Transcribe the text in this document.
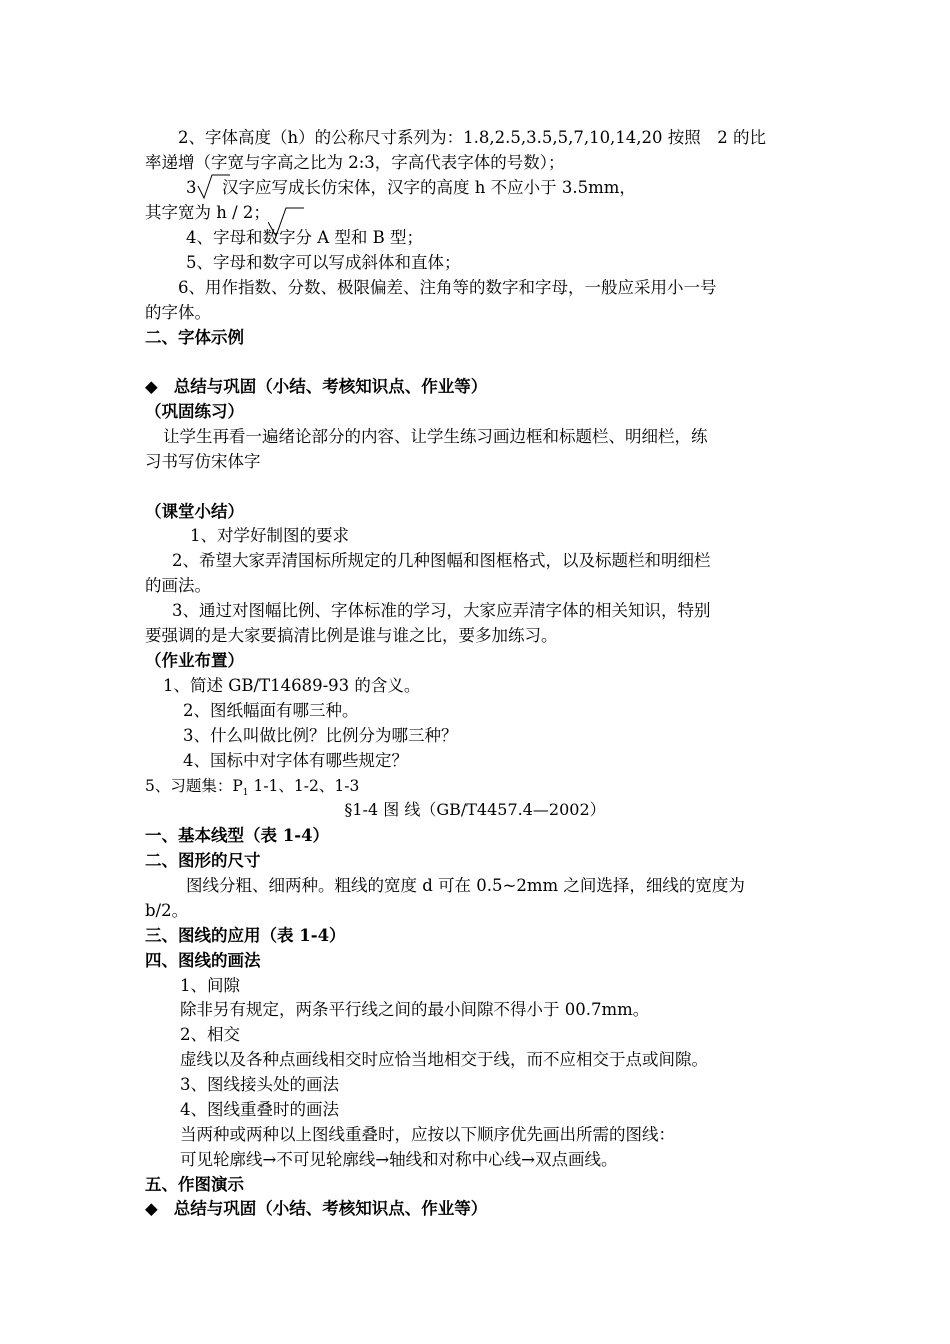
2、字体高度（h）的公称尺寸系列为：1.8,2.5,3.5,5,7,10,14,20 按照　2 的比
率递增（字宽与字高之比为 2:3，字高代表字体的号数）；
3 汉字应写成长仿宋体，汉字的高度 h 不应小于 3.5mm，
其字宽为 h / 2；
4、字母和数字分 A 型和 B 型；
5、字母和数字可以写成斜体和直体；
6、用作指数、分数、极限偏差、注角等的数字和字母，一般应采用小一号
的字体。
二、字体示例
◆ 总结与巩固（小结、考核知识点、作业等）
（巩固练习）
让学生再看一遍绪论部分的内容、让学生练习画边框和标题栏、明细栏，练
习书写仿宋体字
（课堂小结）
1、对学好制图的要求
2、希望大家弄清国标所规定的几种图幅和图框格式，以及标题栏和明细栏
的画法。
3、通过对图幅比例、字体标准的学习，大家应弄清字体的相关知识，特别
要强调的是大家要搞清比例是谁与谁之比，要多加练习。
（作业布置）
1、简述 GB/T14689-93 的含义。
2、图纸幅面有哪三种。
3、什么叫做比例？比例分为哪三种？
4、国标中对字体有哪些规定？
5、习题集：$P_1$ 1-1、1-2、1-3
§1-4 图 线（GB/T4457.4—2002）
一、基本线型（表 1-4）
二、图形的尺寸
图线分粗、细两种。粗线的宽度 d 可在 0.5~2mm 之间选择，细线的宽度为
b/2。
三、图线的应用（表 1-4）
四、图线的画法
1、间隙
除非另有规定，两条平行线之间的最小间隙不得小于 00.7mm。
2、相交
虚线以及各种点画线相交时应恰当地相交于线，而不应相交于点或间隙。
3、图线接头处的画法
4、图线重叠时的画法
当两种或两种以上图线重叠时，应按以下顺序优先画出所需的图线：
可见轮廓线→不可见轮廓线→轴线和对称中心线→双点画线。
五、作图演示
◆ 总结与巩固（小结、考核知识点、作业等）
